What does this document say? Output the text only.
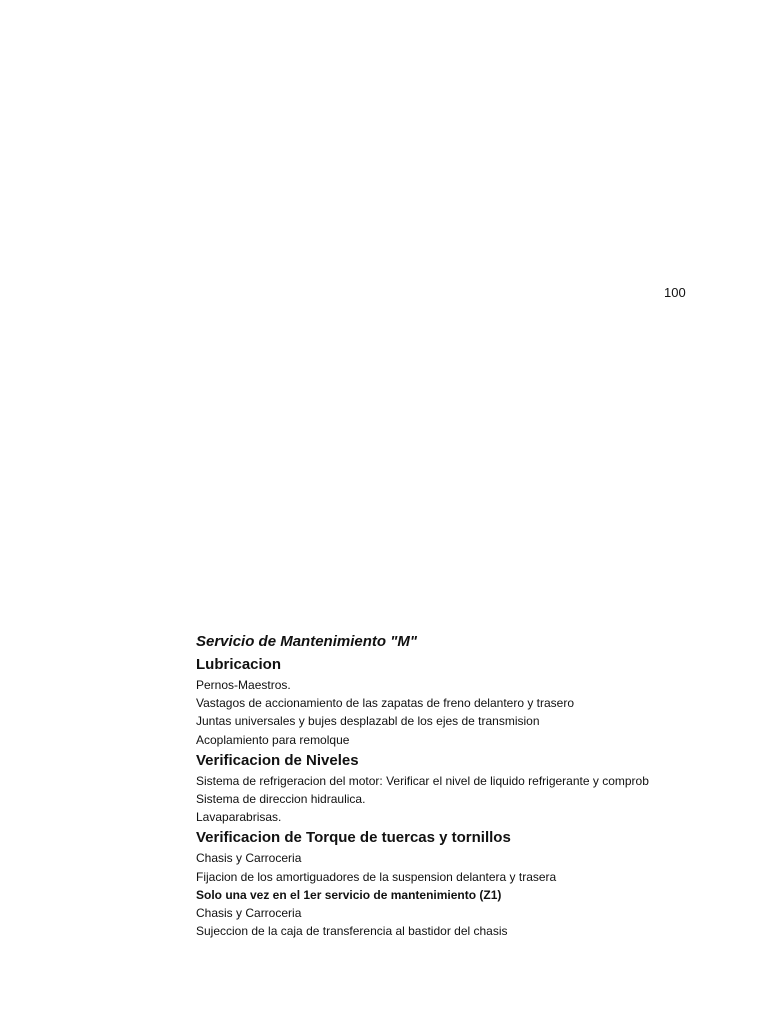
100
Servicio de Mantenimiento "M"
Lubricacion
Pernos-Maestros.
Vastagos de accionamiento de las zapatas de freno delantero y trasero
Juntas universales y bujes desplazabl de los ejes de transmision
Acoplamiento para remolque
Verificacion de Niveles
Sistema de refrigeracion del motor: Verificar el nivel de liquido refrigerante y comprob
Sistema de direccion hidraulica.
Lavaparabrisas.
Verificacion de Torque de tuercas y tornillos
Chasis y Carroceria
Fijacion de los amortiguadores de la suspension delantera y trasera
Solo una vez en el 1er servicio de mantenimiento (Z1)
Chasis y Carroceria
Sujeccion de la caja de transferencia al bastidor del chasis
